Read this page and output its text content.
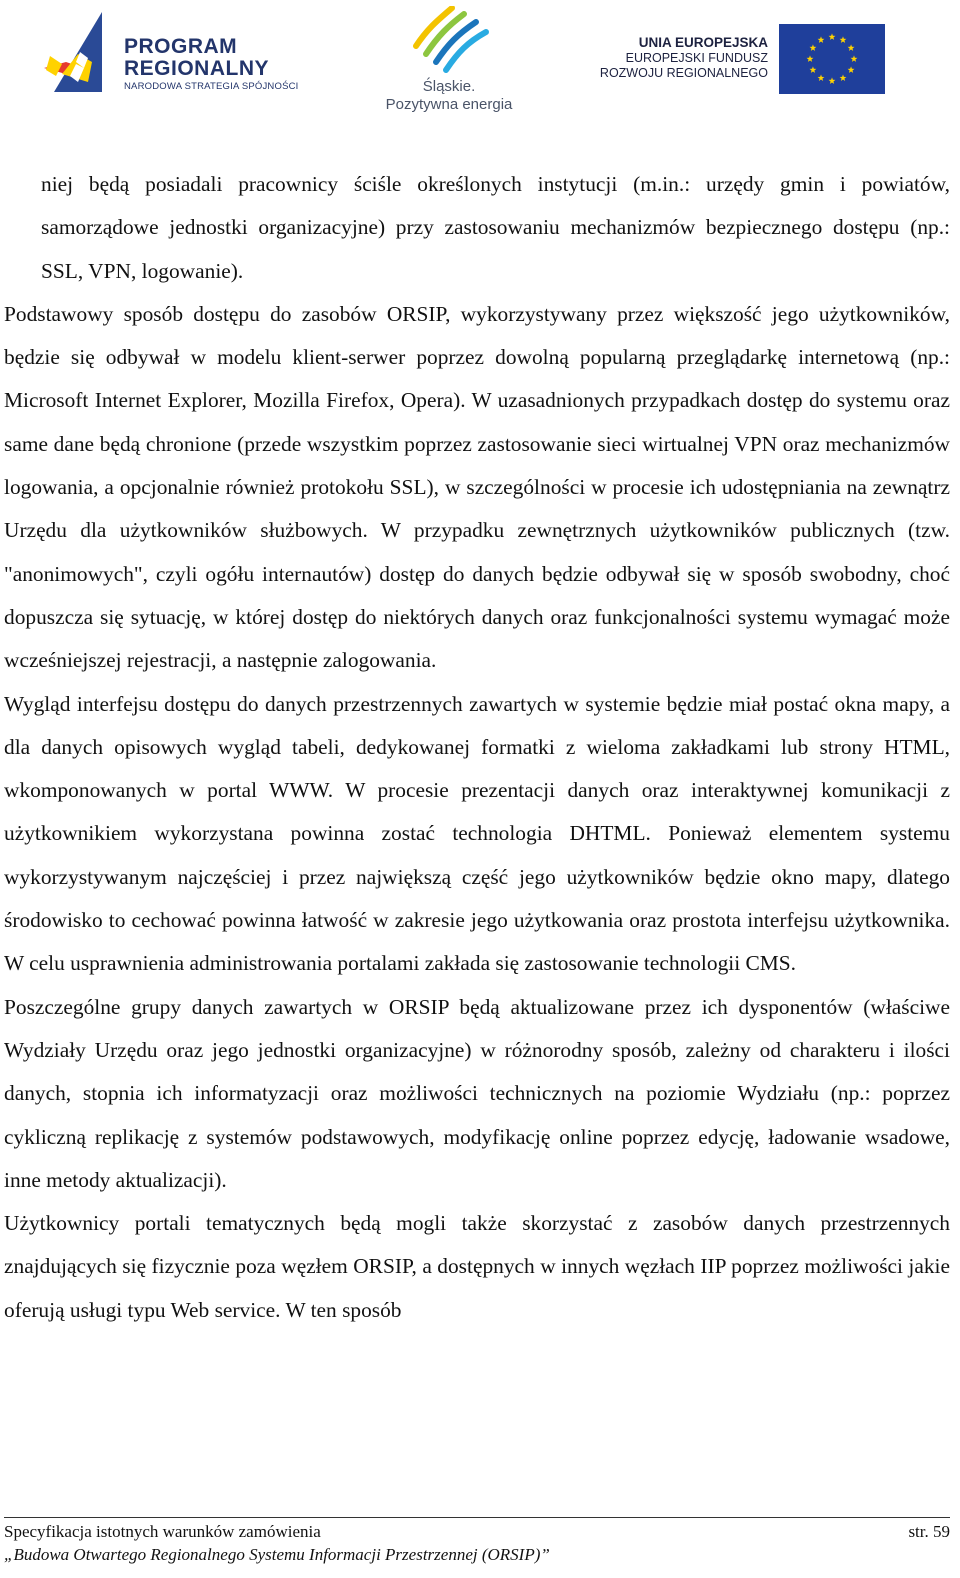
PROGRAM
REGIONALNY
NARODOWA STRATEGIA SPÓJNOŚCI	Śląskie.
Pozytywna energia
UNIA EUROPEJSKA
EUROPEJSKI FUNDUSZ
ROZWOJU REGIONALNEGO

niej będą posiadali pracownicy ściśle określonych instytucji (m.in.: urzędy gmin i powiatów, samorządowe jednostki organizacyjne) przy zastosowaniu mechanizmów bezpiecznego dostępu (np.: SSL, VPN, logowanie).

Podstawowy sposób dostępu do zasobów ORSIP, wykorzystywany przez większość jego użytkowników, będzie się odbywał w modelu klient-serwer poprzez dowolną popularną przeglądarkę internetową (np.: Microsoft Internet Explorer, Mozilla Firefox, Opera). W uzasadnionych przypadkach dostęp do systemu oraz same dane będą chronione (przede wszystkim poprzez zastosowanie sieci wirtualnej VPN oraz mechanizmów logowania, a opcjonalnie również protokołu SSL), w szczególności w procesie ich udostępniania na zewnątrz Urzędu dla użytkowników służbowych. W przypadku zewnętrznych użytkowników publicznych (tzw. "anonimowych", czyli ogółu internautów) dostęp do danych będzie odbywał się w sposób swobodny, choć dopuszcza się sytuację, w której dostęp do niektórych danych oraz funkcjonalności systemu wymagać może wcześniejszej rejestracji, a następnie zalogowania.

Wygląd interfejsu dostępu do danych przestrzennych zawartych w systemie będzie miał postać okna mapy, a dla danych opisowych wygląd tabeli, dedykowanej formatki z wieloma zakładkami lub strony HTML, wkomponowanych w portal WWW. W procesie prezentacji danych oraz interaktywnej komunikacji z użytkownikiem wykorzystana powinna zostać technologia DHTML. Ponieważ elementem systemu wykorzystywanym najczęściej i przez największą część jego użytkowników będzie okno mapy, dlatego środowisko to cechować powinna łatwość w zakresie jego użytkowania oraz prostota interfejsu użytkownika. W celu usprawnienia administrowania portalami zakłada się zastosowanie technologii CMS.

Poszczególne grupy danych zawartych w ORSIP będą aktualizowane przez ich dysponentów (właściwe Wydziały Urzędu oraz jego jednostki organizacyjne) w różnorodny sposób, zależny od charakteru i ilości danych, stopnia ich informatyzacji oraz możliwości technicznych na poziomie Wydziału (np.: poprzez cykliczną replikację z systemów podstawowych, modyfikację online poprzez edycję, ładowanie wsadowe, inne metody aktualizacji).

Użytkownicy portali tematycznych będą mogli także skorzystać z zasobów danych przestrzennych znajdujących się fizycznie poza węzłem ORSIP, a dostępnych w innych węzłach IIP poprzez możliwości jakie oferują usługi typu Web service. W ten sposób

Specyfikacja istotnych warunków zamówienia	str. 59
„Budowa Otwartego Regionalnego Systemu Informacji Przestrzennej (ORSIP)”
